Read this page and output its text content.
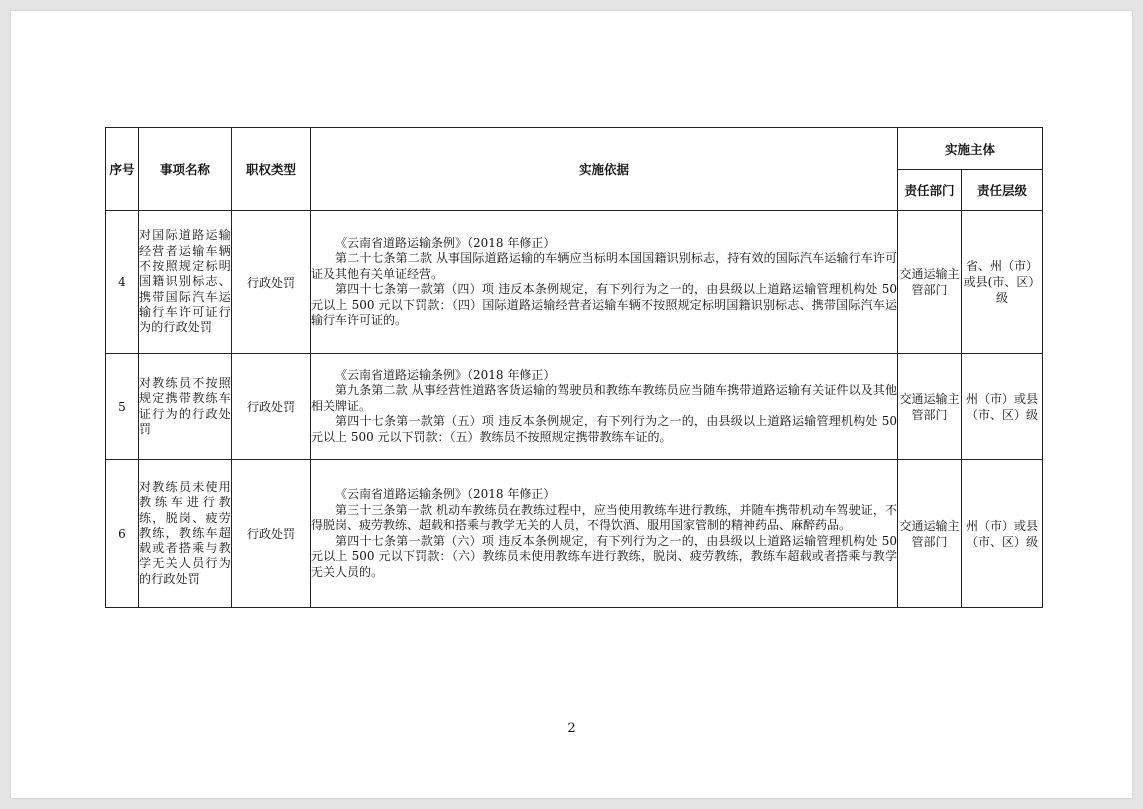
序号	事项名称	职权类型	实施依据	实施主体	
				责任部门	责任层级
4	对国际道路运输经营者运输车辆不按照规定标明国籍识别标志、携带国际汽车运输行车许可证行为的行政处罚	行政处罚	《云南省道路运输条例》（2018 年修正）

第二十七条第二款 从事国际道路运输的车辆应当标明本国国籍识别标志，持有效的国际汽车运输行车许可证及其他有关单证经营。

第四十七条第一款第（四）项 违反本条例规定，有下列行为之一的，由县级以上道路运输管理机构处 50 元以上 500 元以下罚款：（四）国际道路运输经营者运输车辆不按照规定标明国籍识别标志、携带国际汽车运输行车许可证的。	交通运输主管部门	省、州（市）或县(市、区）级
5	对教练员不按照规定携带教练车证行为的行政处罚	行政处罚	《云南省道路运输条例》（2018 年修正）

第九条第二款 从事经营性道路客货运输的驾驶员和教练车教练员应当随车携带道路运输有关证件以及其他相关牌证。

第四十七条第一款第（五）项 违反本条例规定，有下列行为之一的，由县级以上道路运输管理机构处 50 元以上 500 元以下罚款：（五）教练员不按照规定携带教练车证的。	交通运输主管部门	州（市）或县（市、区）级
6	对教练员未使用教练车进行教练，脱岗、疲劳教练，教练车超载或者搭乘与教学无关人员行为的行政处罚	行政处罚	《云南省道路运输条例》（2018 年修正）

第三十三条第一款 机动车教练员在教练过程中，应当使用教练车进行教练，并随车携带机动车驾驶证，不得脱岗、疲劳教练、超载和搭乘与教学无关的人员，不得饮酒、服用国家管制的精神药品、麻醉药品。

第四十七条第一款第（六）项 违反本条例规定，有下列行为之一的，由县级以上道路运输管理机构处 50 元以上 500 元以下罚款：（六）教练员未使用教练车进行教练，脱岗、疲劳教练，教练车超载或者搭乘与教学无关人员的。	交通运输主管部门	州（市）或县（市、区）级
2
